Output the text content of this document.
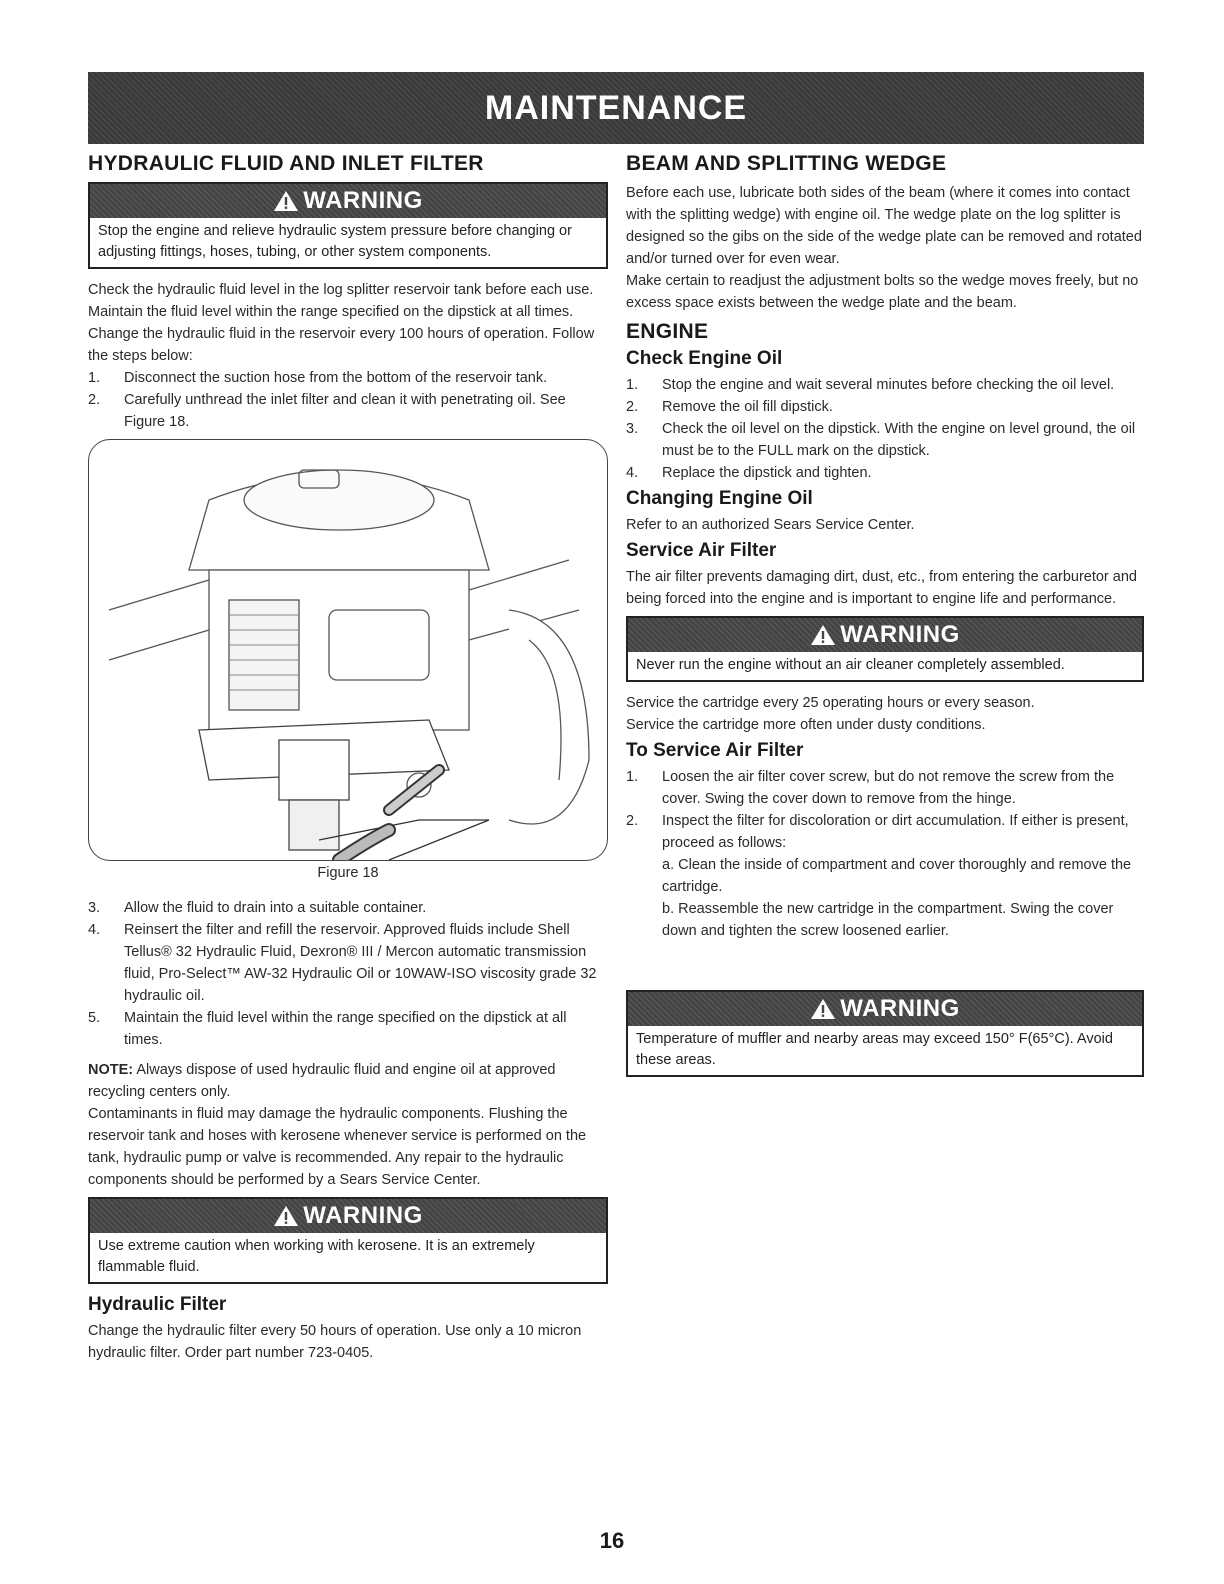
MAINTENANCE
HYDRAULIC FLUID AND INLET FILTER
WARNING
Stop the engine and relieve hydraulic system pressure before changing or adjusting fittings, hoses, tubing, or other system components.

Check the hydraulic fluid level in the log splitter reservoir tank before each use. Maintain the fluid level within the range specified on the dipstick at all times.

Change the hydraulic fluid in the reservoir every 100 hours of operation. Follow the steps below:

1.	Disconnect the suction hose from the bottom of the reservoir tank.
2.	Carefully unthread the inlet filter and clean it with penetrating oil. See Figure 18.
Figure 18
3.	Allow the fluid to drain into a suitable container.
4.	Reinsert the filter and refill the reservoir. Approved fluids include Shell Tellus® 32 Hydraulic Fluid, Dexron® III / Mercon automatic transmission fluid, Pro-Select™ AW-32 Hydraulic Oil or 10WAW-ISO viscosity grade 32 hydraulic oil.
5.	Maintain the fluid level within the range specified on the dipstick at all times.

NOTE: Always dispose of used hydraulic fluid and engine oil at approved recycling centers only.

Contaminants in fluid may damage the hydraulic components. Flushing the reservoir tank and hoses with kerosene whenever service is performed on the tank, hydraulic pump or valve is recommended. Any repair to the hydraulic components should be performed by a Sears Service Center.

WARNING
Use extreme caution when working with kerosene. It is an extremely flammable fluid.
Hydraulic Filter

Change the hydraulic filter every 50 hours of operation. Use only a 10 micron hydraulic filter. Order part number 723-0405.

BEAM AND SPLITTING WEDGE

Before each use, lubricate both sides of the beam (where it comes into contact with the splitting wedge) with engine oil. The wedge plate on the log splitter is designed so the gibs on the side of the wedge plate can be removed and rotated and/or turned over for even wear.

Make certain to readjust the adjustment bolts so the wedge moves freely, but no excess space exists between the wedge plate and the beam.

ENGINE
Check Engine Oil
1.	Stop the engine and wait several minutes before checking the oil level.
2.	Remove the oil fill dipstick.
3.	Check the oil level on the dipstick. With the engine on level ground, the oil must be to the FULL mark on the dipstick.
4.	Replace the dipstick and tighten.
Changing Engine Oil

Refer to an authorized Sears Service Center.

Service Air Filter

The air filter prevents damaging dirt, dust, etc., from entering the carburetor and being forced into the engine and is important to engine life and performance.

WARNING
Never run the engine without an air cleaner completely assembled.

Service the cartridge every 25 operating hours or every season.

Service the cartridge more often under dusty conditions.

To Service Air Filter
1.	Loosen the air filter cover screw, but do not remove the screw from the cover. Swing the cover down to remove from the hinge.
2.	Inspect the filter for discoloration or dirt accumulation. If either is present, proceed as follows:
a. Clean the inside of compartment and cover thoroughly and remove the cartridge.
b. Reassemble the new cartridge in the compartment. Swing the cover down and tighten the screw loosened earlier.
WARNING
Temperature of muffler and nearby areas may exceed 150° F(65°C). Avoid these areas.
16
